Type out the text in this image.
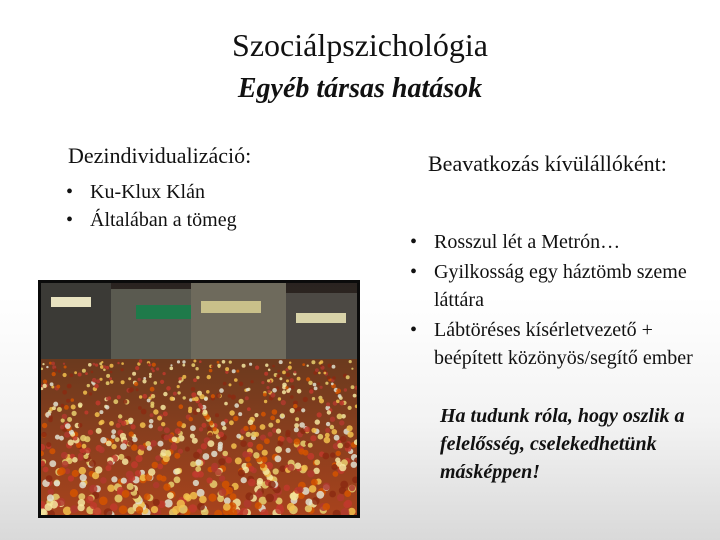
Szociálpszichológia
Egyéb társas hatások
Dezindividualizáció:
• Ku-Klux Klán
• Általában a tömeg
Beavatkozás kívülállóként:
• Rosszul lét a Metrón…
• Gyilkosság egy háztömb szeme láttára
• Lábtöréses kísérletvezető + beépített közönyös/segítő ember
Ha tudunk róla, hogy oszlik a felelősség, cselekedhetünk másképpen!
